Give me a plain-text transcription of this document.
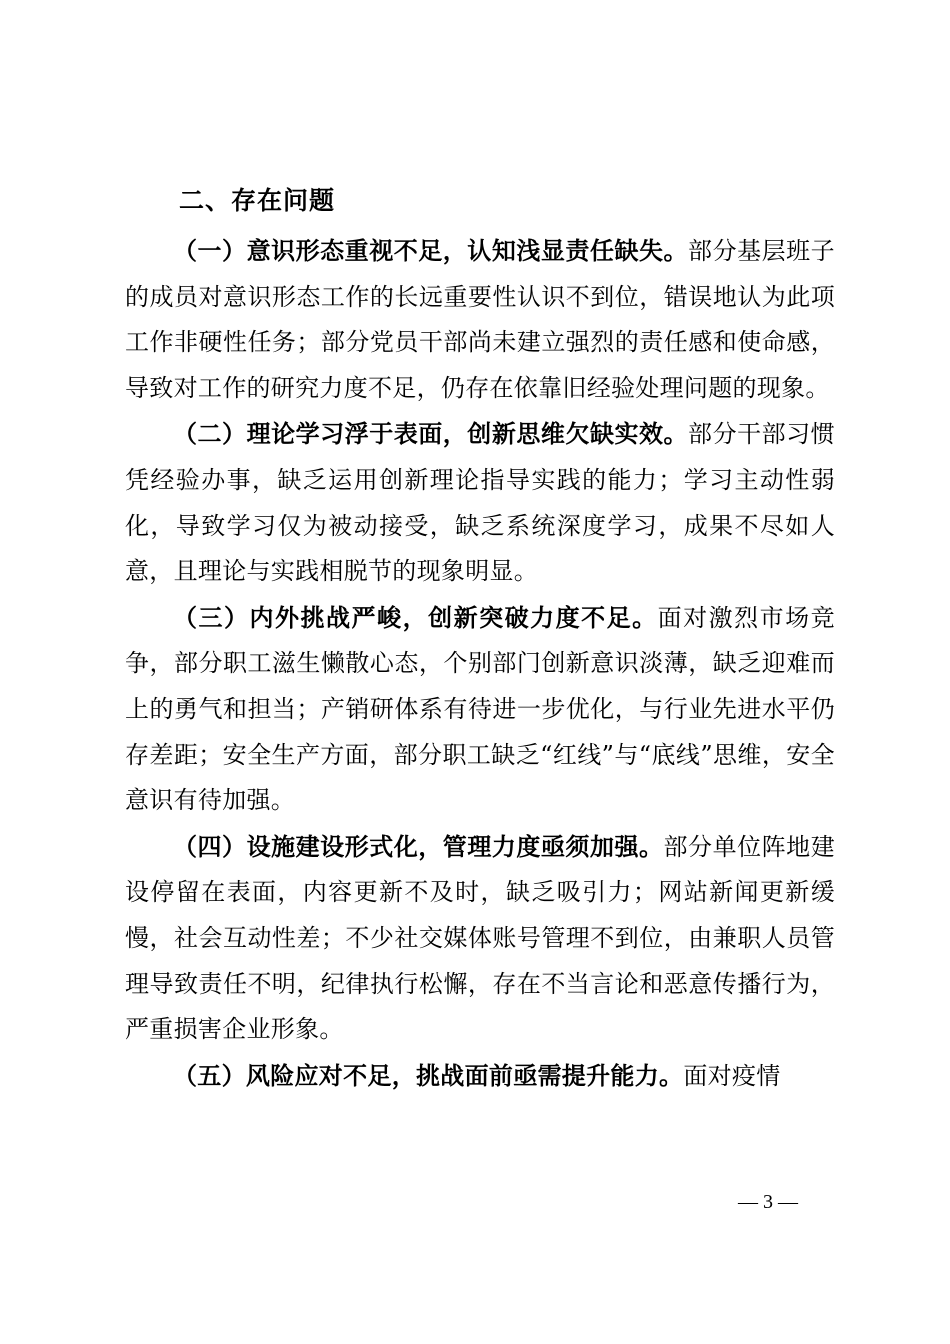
二、存在问题

（一）意识形态重视不足，认知浅显责任缺失。部分基层班子的成员对意识形态工作的长远重要性认识不到位，错误地认为此项工作非硬性任务；部分党员干部尚未建立强烈的责任感和使命感，导致对工作的研究力度不足，仍存在依靠旧经验处理问题的现象。

（二）理论学习浮于表面，创新思维欠缺实效。部分干部习惯凭经验办事，缺乏运用创新理论指导实践的能力；学习主动性弱化，导致学习仅为被动接受，缺乏系统深度学习，成果不尽如人意，且理论与实践相脱节的现象明显。

（三）内外挑战严峻，创新突破力度不足。面对激烈市场竞争，部分职工滋生懒散心态，个别部门创新意识淡薄，缺乏迎难而上的勇气和担当；产销研体系有待进一步优化，与行业先进水平仍存差距；安全生产方面，部分职工缺乏“红线”与“底线”思维，安全意识有待加强。

（四）设施建设形式化，管理力度亟须加强。部分单位阵地建设停留在表面，内容更新不及时，缺乏吸引力；网站新闻更新缓慢，社会互动性差；不少社交媒体账号管理不到位，由兼职人员管理导致责任不明，纪律执行松懈，存在不当言论和恶意传播行为，严重损害企业形象。

（五）风险应对不足，挑战面前亟需提升能力。面对疫情

— 3 —
